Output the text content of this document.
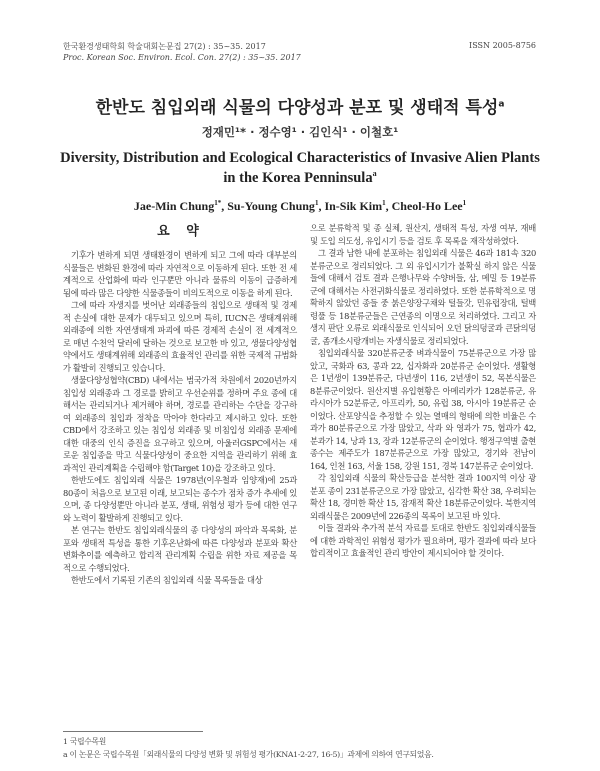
한국환경생태학회 학술대회논문집 27(2) : 35~35. 2017	ISSN 2005-8756
Proc. Korean Soc. Environ. Ecol. Con. 27(2) : 35~35. 2017
한반도 침입외래 식물의 다양성과 분포 및 생태적 특성$^a$
정재민¹* · 정수영¹ · 김인식¹ · 이철호¹
Diversity, Distribution and Ecological Characteristics of Invasive Alien Plants
in the Korea Penninsula$^a$
Jae-Min Chung$^{1*}$, Su-Young Chung$^1$, In-Sik Kim$^1$, Cheol-Ho Lee$^1$
요 약

기후가 변하게 되면 생태환경이 변하게 되고 그에 따라 대부분의 식물들은 변화된 환경에 따라 자연적으로 이동하게 된다. 또한 전 세계적으로 산업화에 따라 인구뿐만 아니라 물류의 이동이 급증하게 됨에 따라 많은 다양한 식물종들이 비의도적으로 이동을 하게 된다.

그에 따라 자생지를 벗어난 외래종들의 침입으로 생태적 및 경제적 손실에 대한 문제가 대두되고 있으며 특히, IUCN은 생태계위해 외래종에 의한 자연생태계 파괴에 따른 경제적 손실이 전 세계적으로 매년 수천억 달러에 달하는 것으로 보고한 바 있고, 생물다양성협약에서도 생태계위해 외래종의 효율적인 관리를 위한 국제적 규범화가 활발히 진행되고 있습니다.

생물다양성협약(CBD) 내에서는 범국가적 차원에서 2020년까지 침입성 외래종과 그 경로를 밝히고 우선순위를 정하며 주요 종에 대해서는 관리되거나 제거해야 하며, 경로를 관리하는 수단을 강구하여 외래종의 침입과 정착을 막아야 한다라고 제시하고 있다. 또한 CBD에서 강조하고 있는 침입성 외래종 및 비침입성 외래종 문제에 대한 대중의 인식 증진을 요구하고 있으며, 아울러GSPC에서는 새로운 침입종을 막고 식물다양성이 중요한 지역을 관리하기 위해 효과적인 관리계획을 수립해야 함(Target 10)을 강조하고 있다.

한반도에도 침입외래 식물은 1978년(이우철과 임양재)에 25과 80종이 처음으로 보고된 이래, 보고되는 종수가 점차 증가 추세에 있으며, 종 다양성뿐만 아니라 분포, 생태, 위험성 평가 등에 대한 연구와 노력이 활발하게 진행되고 있다.

본 연구는 한반도 침입외래식물의 종 다양성의 파악과 목록화, 분포와 생태적 특성을 통한 기후온난화에 따른 다양성과 분포와 확산 변화추이를 예측하고 합리적 관리계획 수립을 위한 자료 제공을 목적으로 수행되었다.

한반도에서 기록된 기존의 침입외래 식물 목록들을 대상

으로 분류학적 및 종 실체, 원산지, 생태적 특성, 자생 여부, 재배 및 도입 의도성, 유입시기 등을 검토 후 목록을 재작성하였다.

그 결과 남한 내에 분포하는 침입외래 식물은 46과 181속 320분류군으로 정리되었다. 그 외 유입시기가 불확실 하지 않은 식물들에 대해서 검토 결과 은행나무와 수양버들, 삼, 메밀 등 19분류군에 대해서는 사전귀화식물로 정리하였다. 또한 분류학적으로 명확하지 않았던 종들 중 붉은양장구채와 털들갓, 민유럽장대, 털백령풀 등 18분류군들은 근연종의 이명으로 처리하였다. 그리고 자생지 판단 오류로 외래식물로 인식되어 오던 닭의덩굴과 큰닭의덩굴, 좀개소시랑개비는 자생식물로 정리되었다.

침입외래식물 320분류군중 벼과식물이 75분류군으로 가장 많았고, 국화과 63, 콩과 22, 십자화과 20분류군 순이었다. 생활형은 1년생이 139분류군, 다년생이 116, 2년생이 52, 목본식물은 8분류군이었다. 원산지별 유입현황은 아메리카가 128분류군, 유라시아가 52분류군, 아프리카, 50, 유럽 38, 아시아 19분류군 순이었다. 산포양식을 추정할 수 있는 열매의 형태에 의한 비율은 수과가 80분류군으로 가장 많았고, 삭과 와 영과가 75, 협과가 42, 분과가 14, 낭과 13, 장과 12분류군의 순이었다. 행정구역별 출현종수는 제주도가 187분류군으로 가장 많았고, 경기와 전남이 164, 인천 163, 서울 158, 강원 151, 경북 147분류군 순이었다.

각 침입외래 식물의 확산등급을 분석한 결과 100지역 이상 광분포 종이 231분류군으로 가장 많았고, 심각한 확산 38, 우려되는 확산 18, 경미한 확산 15, 잠재적 확산 18분류군이었다. 북한지역 외래식물은 2009년에 226종의 목록이 보고된 바 있다.

이들 결과와 추가적 분석 자료를 토대로 한반도 침입외래식물들에 대한 과학적인 위험성 평가가 필요하며, 평가 결과에 따라 보다 합리적이고 효율적인 관리 방안이 제시되어야 할 것이다.

1 국립수목원
a 이 논문은 국립수목원「외래식물의 다양성 변화 및 위험성 평가(KNA1-2-27, 16-5)」과제에 의하여 연구되었음.
